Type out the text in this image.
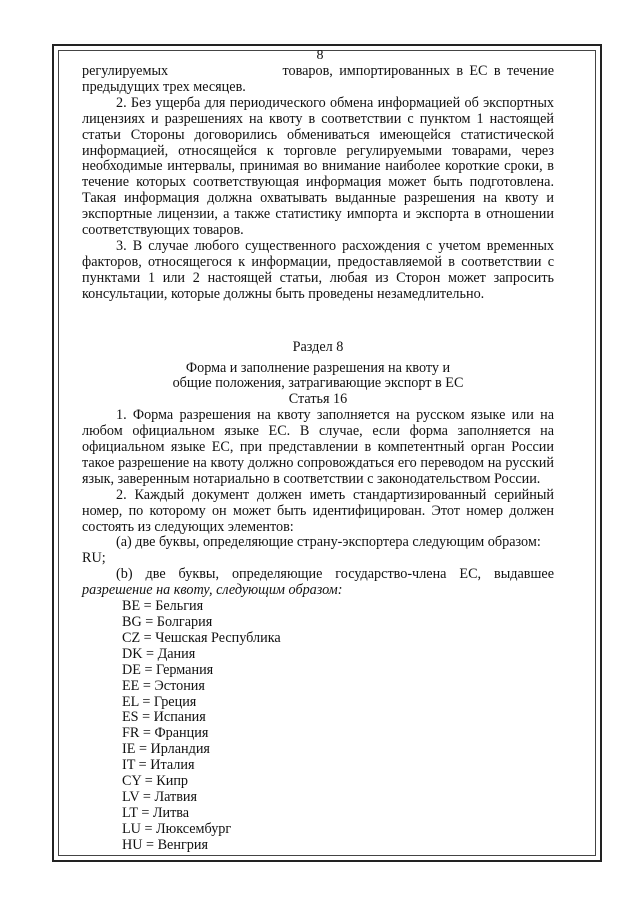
8

регулируемых                  товаров, импортированных в ЕС в течение

предыдущих трех месяцев.

2. Без ущерба для периодического обмена информацией об экспортных лицензиях и разрешениях на квоту в соответствии с пунктом 1 настоящей статьи Стороны договорились обмениваться имеющейся статистической информацией, относящейся к торговле регулируемыми товарами, через необходимые интервалы, принимая во внимание наиболее короткие сроки, в течение которых соответствующая информация может быть подготовлена. Такая информация должна охватывать выданные разрешения на квоту и экспортные лицензии, а также статистику импорта и экспорта в отношении соответствующих товаров.

3. В случае любого существенного расхождения с учетом временных факторов, относящегося к информации, предоставляемой в соответствии с пунктами 1 или 2 настоящей статьи, любая из Сторон может запросить консультации, которые должны быть проведены незамедлительно.

Раздел 8

Форма и заполнение разрешения на квоту и

общие положения, затрагивающие экспорт в ЕС

Статья 16

1. Форма разрешения на квоту заполняется на русском языке или на любом официальном языке ЕС. В случае, если форма заполняется на официальном языке ЕС, при представлении в компетентный орган России такое разрешение на квоту должно сопровождаться его переводом на русский язык, заверенным нотариально в соответствии с законодательством России.

2. Каждый документ должен иметь стандартизированный серийный номер, по которому он может быть идентифицирован. Этот номер должен состоять из следующих элементов:

(a) две буквы, определяющие страну-экспортера следующим образом:

RU;

(b)  две  буквы,  определяющие  государство-члена  ЕС,  выдавшее

разрешение на квоту, следующим образом:

BE = Бельгия
BG = Болгария
CZ = Чешская Республика
DK = Дания
DE = Германия
EE = Эстония
EL = Греция
ES = Испания
FR = Франция
IE = Ирландия
IT = Италия
CY = Кипр
LV = Латвия
LT = Литва
LU = Люксембург
HU = Венгрия
